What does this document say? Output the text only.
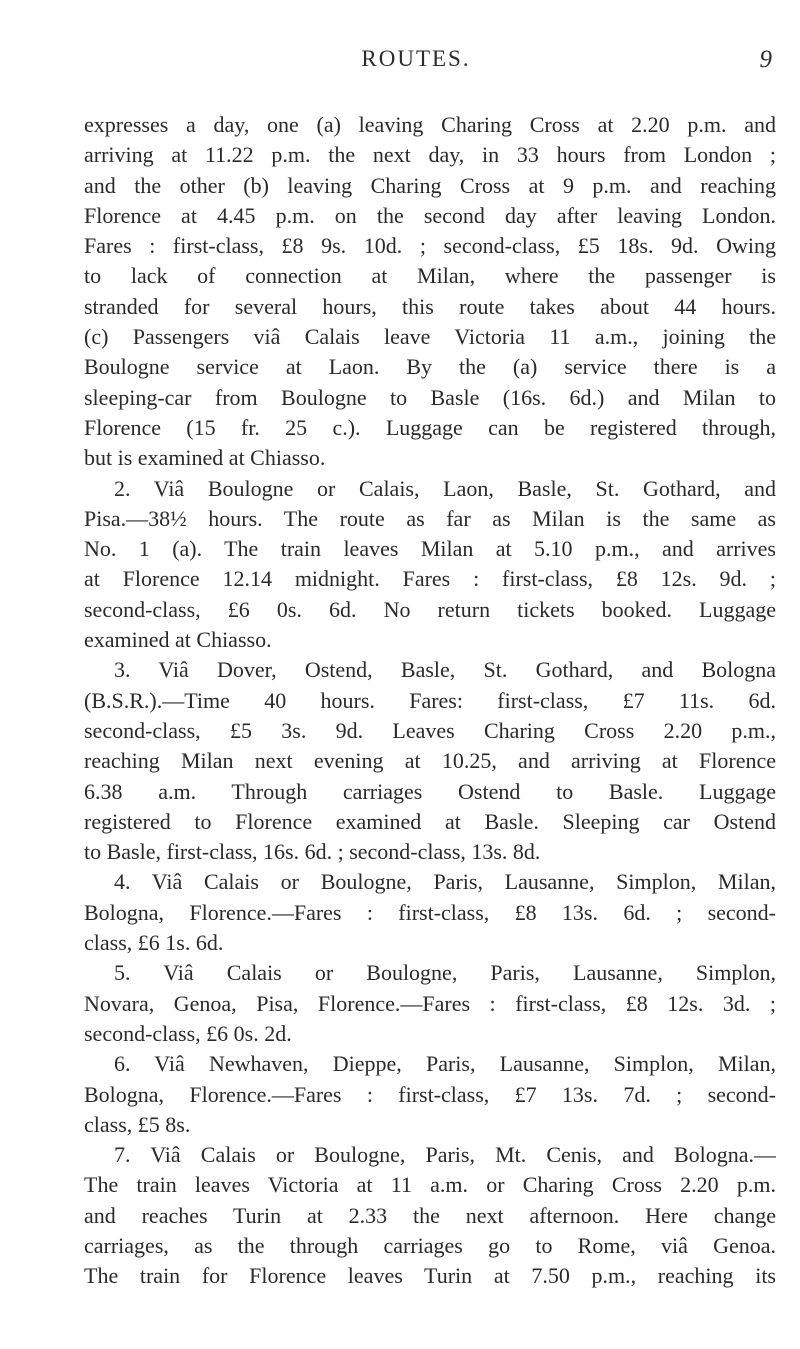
ROUTES.	9
expresses a day, one (a) leaving Charing Cross at 2.20 p.m. and
arriving at 11.22 p.m. the next day, in 33 hours from London ;
and the other (b) leaving Charing Cross at 9 p.m. and reaching
Florence at 4.45 p.m. on the second day after leaving London.
Fares : first-class, £8 9s. 10d. ; second-class, £5 18s. 9d. Owing
to lack of connection at Milan, where the passenger is
stranded for several hours, this route takes about 44 hours.
(c) Passengers viâ Calais leave Victoria 11 a.m., joining the
Boulogne service at Laon. By the (a) service there is a
sleeping-car from Boulogne to Basle (16s. 6d.) and Milan to
Florence (15 fr. 25 c.). Luggage can be registered through,
but is examined at Chiasso.
2. Viâ Boulogne or Calais, Laon, Basle, St. Gothard, and
Pisa.—38½ hours. The route as far as Milan is the same as
No. 1 (a). The train leaves Milan at 5.10 p.m., and arrives
at Florence 12.14 midnight. Fares : first-class, £8 12s. 9d. ;
second-class, £6 0s. 6d. No return tickets booked. Luggage
examined at Chiasso.
3. Viâ Dover, Ostend, Basle, St. Gothard, and Bologna
(B.S.R.).—Time 40 hours. Fares: first-class, £7 11s. 6d.
second-class, £5 3s. 9d. Leaves Charing Cross 2.20 p.m.,
reaching Milan next evening at 10.25, and arriving at Florence
6.38 a.m. Through carriages Ostend to Basle. Luggage
registered to Florence examined at Basle. Sleeping car Ostend
to Basle, first-class, 16s. 6d. ; second-class, 13s. 8d.
4. Viâ Calais or Boulogne, Paris, Lausanne, Simplon, Milan,
Bologna, Florence.—Fares : first-class, £8 13s. 6d. ; second-
class, £6 1s. 6d.
5. Viâ Calais or Boulogne, Paris, Lausanne, Simplon,
Novara, Genoa, Pisa, Florence.—Fares : first-class, £8 12s. 3d. ;
second-class, £6 0s. 2d.
6. Viâ Newhaven, Dieppe, Paris, Lausanne, Simplon, Milan,
Bologna, Florence.—Fares : first-class, £7 13s. 7d. ; second-
class, £5 8s.
7. Viâ Calais or Boulogne, Paris, Mt. Cenis, and Bologna.—
The train leaves Victoria at 11 a.m. or Charing Cross 2.20 p.m.
and reaches Turin at 2.33 the next afternoon. Here change
carriages, as the through carriages go to Rome, viâ Genoa.
The train for Florence leaves Turin at 7.50 p.m., reaching its
